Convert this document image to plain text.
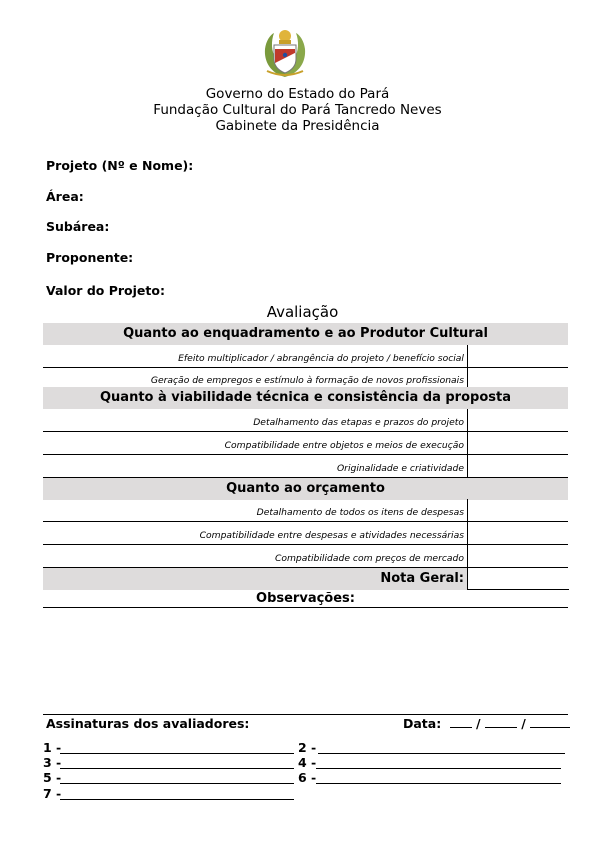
Governo do Estado do Pará
Fundação Cultural do Pará Tancredo Neves
Gabinete da Presidência
Projeto (Nº e Nome):
Área:
Subárea:
Proponente:
Valor do Projeto:
Avaliação
Quanto ao enquadramento e ao Produtor Cultural
Efeito multiplicador / abrangência do projeto / benefício social
Geração de empregos e estímulo à formação de novos profissionais
Quanto à viabilidade técnica e consistência da proposta
Detalhamento das etapas e prazos do projeto
Compatibilidade entre objetos e meios de execução
Originalidade e criatividade
Quanto ao orçamento
Detalhamento de todos os itens de despesas
Compatibilidade entre despesas e atividades necessárias
Compatibilidade com preços de mercado
Nota Geral:
Observações:
Assinaturas dos avaliadores:	Data:	/	/
1 -	2 -
3 -	4 -
5 -	6 -
7 -
